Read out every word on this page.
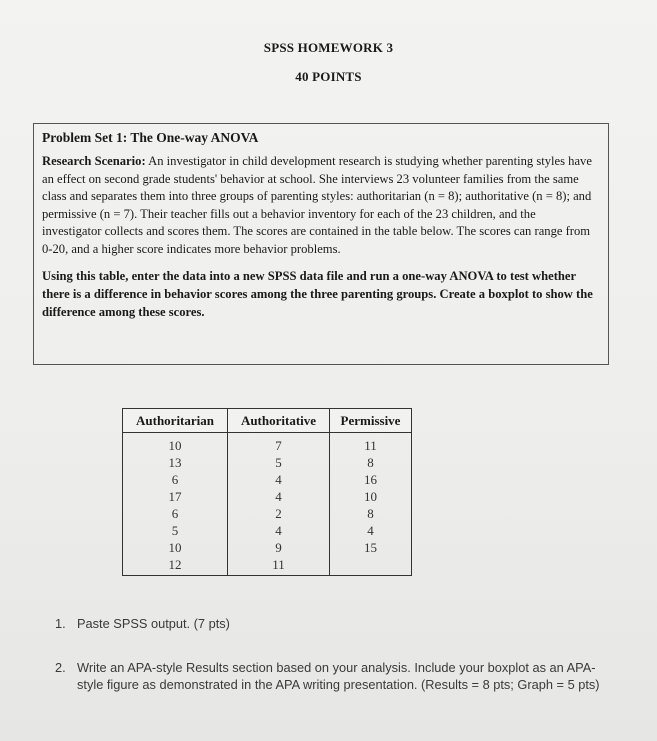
SPSS HOMEWORK 3
40 POINTS

Problem Set 1: The One-way ANOVA

Research Scenario: An investigator in child development research is studying whether parenting styles have an effect on second grade students' behavior at school. She interviews 23 volunteer families from the same class and separates them into three groups of parenting styles: authoritarian (n = 8); authoritative (n = 8); and permissive (n = 7). Their teacher fills out a behavior inventory for each of the 23 children, and the investigator collects and scores them. The scores are contained in the table below. The scores can range from 0-20, and a higher score indicates more behavior problems.

Using this table, enter the data into a new SPSS data file and run a one-way ANOVA to test whether there is a difference in behavior scores among the three parenting groups. Create a boxplot to show the difference among these scores.

Authoritarian	Authoritative	Permissive
10	7	11
13	5	8
6	4	16
17	4	10
6	2	8
5	4	4
10	9	15
12	11	
1. Paste SPSS output. (7 pts)
2. Write an APA-style Results section based on your analysis. Include your boxplot as an APA-style figure as demonstrated in the APA writing presentation. (Results = 8 pts; Graph = 5 pts)
